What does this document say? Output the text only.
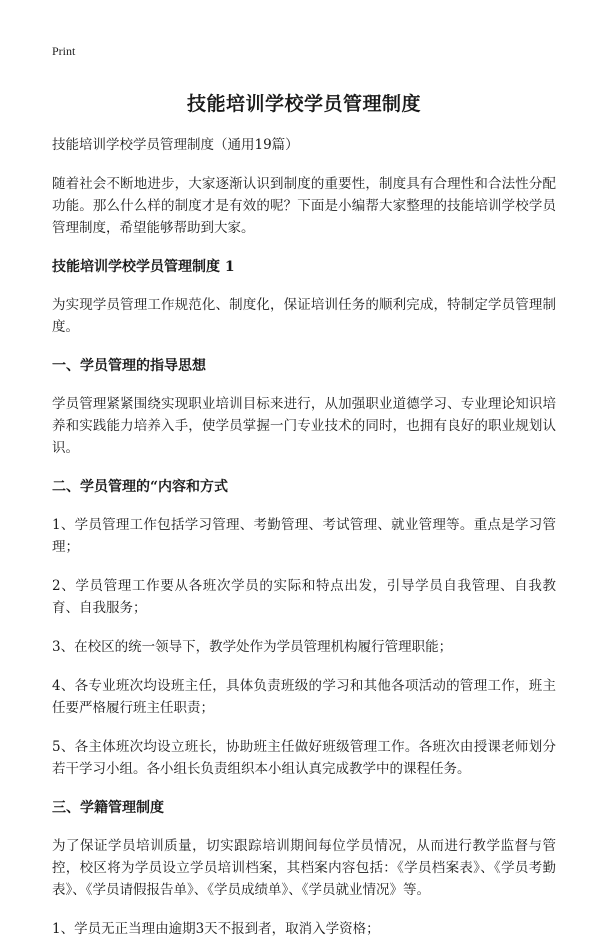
Print
技能培训学校学员管理制度
技能培训学校学员管理制度（通用19篇）
随着社会不断地进步，大家逐渐认识到制度的重要性，制度具有合理性和合法性分配功能。那么什么样的制度才是有效的呢？下面是小编帮大家整理的技能培训学校学员管理制度，希望能够帮助到大家。
技能培训学校学员管理制度 1
为实现学员管理工作规范化、制度化，保证培训任务的顺利完成，特制定学员管理制度。
一、学员管理的指导思想
学员管理紧紧围绕实现职业培训目标来进行，从加强职业道德学习、专业理论知识培养和实践能力培养入手，使学员掌握一门专业技术的同时，也拥有良好的职业规划认识。
二、学员管理的“内容和方式
1、学员管理工作包括学习管理、考勤管理、考试管理、就业管理等。重点是学习管理；
2、学员管理工作要从各班次学员的实际和特点出发，引导学员自我管理、自我教育、自我服务；
3、在校区的统一领导下，教学处作为学员管理机构履行管理职能；
4、各专业班次均设班主任，具体负责班级的学习和其他各项活动的管理工作，班主任要严格履行班主任职责；
5、各主体班次均设立班长，协助班主任做好班级管理工作。各班次由授课老师划分若干学习小组。各小组长负责组织本小组认真完成教学中的课程任务。
三、学籍管理制度
为了保证学员培训质量，切实跟踪培训期间每位学员情况，从而进行教学监督与管控，校区将为学员设立学员培训档案，其档案内容包括：《学员档案表》、《学员考勤表》、《学员请假报告单》、《学员成绩单》、《学员就业情况》等。
1、学员无正当理由逾期3天不报到者，取消入学资格；
